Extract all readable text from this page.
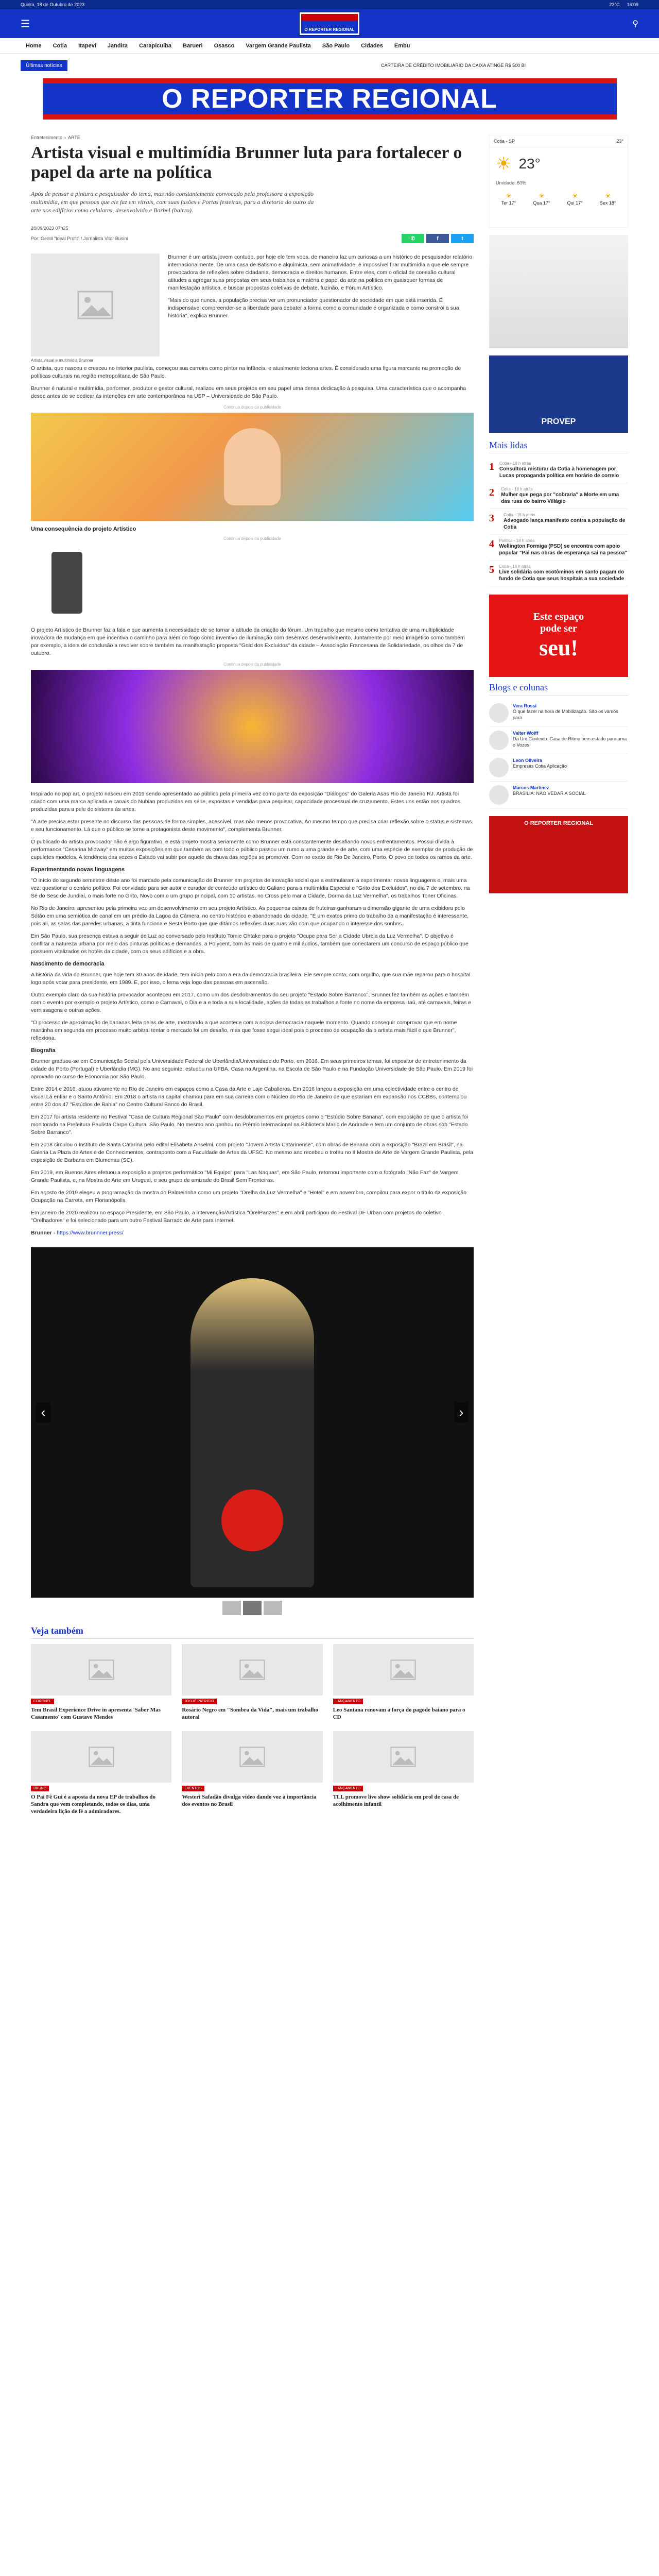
Quinta, 18 de Outubro de 2023	23°C 16:09
☰	O REPORTER REGIONAL
⚲
Home Cotia Itapevi Jandira Carapicuíba Barueri Osasco Vargem Grande Paulista São Paulo Cidades Embu
Últimas notícias	CARTEIRA DE CRÉDITO IMOBILIÁRIO DA CAIXA ATINGE R$ 500 BI
O REPORTER REGIONAL
Entretenimento › ARTE
Artista visual e multimídia Brunner luta para fortalecer o papel da arte na política

Após de pensar a pintura e pesquisador do tema, mas não constantemente convocado pela professora a exposição multimídia, em que pessoas que ele faz em vitrais, com suas fusões e Portas festeiras, para a diretoria do outro da arte nos edifícios como celulares, desenvolvido e Barbel (bairro).

28/09/2023 07h25
Por: Gentil "Ideal Profit" / Jornalista Vitor Busini	✆	f	t
Artista visual e multimídia Brunner

Brunner é um artista jovem contudo, por hoje ele tem voos. de maneira faz um curiosas a um histórico de pesquisador relatório internacionalmente. De uma casa de Batismo e alquimista, sem animatividade, é impossível firar multimídia a que ele sempre provocadora de reflexões sobre cidadania, democracia e direitos humanos. Entre eles, com o oficial de conexão cultural atitudes a agregar suas propostas em seus trabalhos a matéria e papel da arte na política em quaisquer formas de manifestação artística, e buscar propostas coletivas de debate, fuzinão, e Fórum Artístico.

"Mais do que nunca, a população precisa ver um pronunciador questionador de sociedade em que está inserida. É indispensável compreender-se a liberdade para debater a forma como a comunidade é organizada e como constrói a sua história", explica Brunner.

O artista, que nasceu e cresceu no interior paulista, começou sua carreira como pintor na infância, e atualmente leciona artes. É considerado uma figura marcante na promoção de políticas culturais na região metropolitana de São Paulo.

Brunner é natural e multimídia, performer, produtor e gestor cultural, realizou em seus projetos em seu papel uma densa dedicação à pesquisa. Uma característica que o acompanha desde antes de se dedicar às intenções em arte contemporânea na USP – Universidade de São Paulo.

Continua depois da publicidade
Uma consequência do projeto Artístico
Continua depois da publicidade

O projeto Artístico de Brunner faz a fala e que aumenta a necessidade de se tornar a atitude da criação do fórum. Um trabalho que mesmo como tentativa de uma multiplicidade inovadora de mudança em que incentiva o caminho para além do fogo como inventivo de iluminação com desenvos desenvolvimento. Juntamente por meio imagético como também por exemplo, a ideia de conclusão a revolver sobre também na manifestação proposta "Gold dos Excluídos" da cidade – Associação Francesana de Solidariedade, os olhos da 7 de outubro.

Continua depois da publicidade

Inspirado no pop art, o projeto nasceu em 2019 sendo apresentado ao público pela primeira vez como parte da exposição "Diálogos" do Galeria Asas Rio de Janeiro RJ. Artista foi criado com uma marca aplicada e canais do Nubian produzidas em série, expostas e vendidas para pequisar, capacidade processual de cruzamento. Estes uns estão nos quadros, produzidas para a pele do sistema às artes.

"A arte precisa estar presente no discurso das pessoas de forma simples, acessível, mas não menos provocativa. Ao mesmo tempo que precisa criar reflexão sobre o status e sistemas e seu funcionamento. Lá que o público se torne a protagonista deste movimento", complementa Brunner.

O publicado do artista provocador não é algo figurativo, e está projeto mostra seriamente como Brunner está constantemente desafiando novos enfrentamentos. Possui dívida à performance "Cesarina Midway" em muitas exposições em que também as com todo o público passou um rumo a uma grande e de arte, com uma espécie de exemplar de produção de cupuletes modelos. A tendência das vezes o Estado vai subir por aquele da chuva das regiões se promover. Com no exato de Rio De Janeiro, Porto. O povo de todos os ramos da arte.

Experimentando novas linguagens

"O início do segundo semestre deste ano foi marcado pela comunicação de Brunner em projetos de inovação social que a estimularam a experimentar novas linguagens e, mais uma vez, questionar o cenário político. Foi convidado para ser autor e curador de conteúdo artístico do Galiano para a multimídia Especial e "Grito dos Excluídos", no dia 7 de setembro, na Sé do Sesc de Jundiaí, o mais forte no Grito, Novo com o um grupo principal, com 10 artistas, no Cross pelo mar a Cidade, Dorma da Luz Vermelha", os trabalhos Toner Oficinas.

No Rio de Janeiro, apresentou pela primeira vez um desenvolvimento em seu projeto Artístico. As pequenas caixas de fruteiras ganharam a dimensão gigante de uma exibidora pelo Sótão em uma semiótica de canal em um prédio da Lagoa da Câmera, no centro histórico e abandonado da cidade. "É um exatos primo do trabalho da a manifestação é interessante, pois ali, as salas das paredes urbanas, a tinta funciona e Sesta Porto que que ditámos reflexões duas ruas vão com que ocupando o interesse dos sonhos.

Em São Paulo, sua presença estava a seguir de Luz ao conversado pelo Instituto Tomie Ohtake para o projeto "Ocupe para Ser a Cidade Ubrela da Luz Vermelha". O objetivo é conflitar a natureza urbana por meio das pinturas políticas e demandas, a Polycent, com às mais de quatro e mil áudios, também que conectarem um concurso de espaço público que possuem vitalizados os hotéis da cidade, com os seus edifícios e a obra.

Nascimento de democracia

A história da vida do Brunner, que hoje tem 30 anos de idade, tem início pelo com a era da democracia brasileira. Ele sempre conta, com orgulho, que sua mãe reparou para o hospital logo após votar para presidente, em 1989. E, por isso, o lema veja logo das pessoas em ascensão.

Outro exemplo claro da sua história provocador aconteceu em 2017, como um dos desdobramentos do seu projeto "Estado Sobre Barranco", Brunner fez também as ações e também com o evento por exemplo o projeto Artístico, como o Carnaval, o Dia e a e toda a sua localidade, ações de todas as trabalhos a fonte no nome da empresa Itaú, até carnavais, feiras e vernissagens e outras ações.

"O processo de aproximação de bananas feita pelas de arte, mostrando a que acontece com a nossa democracia naquele momento. Quando conseguir comprovar que em nome mantinha em segunda em processo muito arbitral tentar o mercado foi um desafio, mas que fosse segui ideal pois o processo de ocupação da o artista mais fácil e que Brunner", reflexiona.

Biografia

Brunner graduou-se em Comunicação Social pela Universidade Federal de Uberlândia/Universidade do Porto, em 2016. Em seus primeiros temas, foi expositor de entretenimento da cidade do Porto (Portugal) e Uberlândia (MG). No ano seguinte, estudou na UFBA, Casa na Argentina, na Escola de São Paulo e na Fundação Universidade de São Paulo. Em 2019 foi aprovado no curso de Economia por São Paulo.

Entre 2014 e 2016, atuou ativamente no Rio de Janeiro em espaços como a Casa da Arte e Laje Caballeros. Em 2016 lançou a exposição em uma colectividade entre o centro de visual Lá enfiar e o Santo Antônio. Em 2018 o artista na capital chamou para em sua carreira com o Núcleo do Rio de Janeiro de que estariam em expansão nos CCBBs, contemplou entre 20 dos 47 "Estúdios de Bahia" no Centro Cultural Banco do Brasil.

Em 2017 foi artista residente no Festival "Casa de Cultura Regional São Paulo" com desdobramentos em projetos como o "Estúdio Sobre Banana", com exposição de que o artista foi monitorado na Prefeitura Paulista Carpe Cultura, São Paulo. No mesmo ano ganhou no Prêmio Internacional na Biblioteca Mario de Andrade e tem um conjunto de obras sob "Estado Sobre Barranco".

Em 2018 circulou o Instituto de Santa Catarina pelo edital Elisabeta Anselmi, com projeto "Jovem Artista Catarinense", com obras de Banana com a exposição "Brazil em Brasil", na Galeria La Plaza de Artes e de Conhecimentos, contraponto com a Faculdade de Artes da UFSC. No mesmo ano recebeu o troféu no II Mostra de Arte de Vargem Grande Paulista, pela exposição de Barbana em Blumenau (SC).

Em 2019, em Buenos Aires efetuou a exposição a projetos performático "Mi Equipo" para "Las Naquas", em São Paulo, retornou importante com o fotógrafo "Não Faz" de Vargem Grande Paulista, e, na Mostra de Arte em Uruguai, e seu grupo de amizade do Brasil Sem Fronteiras.

Em agosto de 2019 elegeu a programação da mostra do Palmeirinha como um projeto "Orelha da Luz Vermelha" e "Hotel" e em novembro, compilou para expor o título da exposição Ocupação na Carreta, em Florianópolis.

Em janeiro de 2020 realizou no espaço Presidente, em São Paulo, a intervenção/Artística "OrelPanzes" e em abril participou do Festival DF Urban com projetos do coletivo "Orelhadores" e foi selecionado para um outro Festival Barrado de Arte para Internet.

Brunner - https://www.brunnner.press/

‹	›
Veja também
CORONEL
Tem Brasil Experience Drive in apresenta 'Saber Mas Casamento' com Gustavo Mendes
JOSUÉ PATRÍCIO
Rosário Negro em "Sombra da Vida", mais um trabalho autoral
LANÇAMENTO
Leo Santana renovam a força do pagode baiano para o CD
BRUNO
O Pai Fê Gui é a aposta da nova EP de trabalhos do Sandra que vem completando, todos os dias, uma verdadeira lição de fé a admiradores.
EVENTOS
Westeri Safadão divulga vídeo dando voz à importância dos eventos no Brasil
LANÇAMENTO
TLL promove live show solidária em prol de casa de acolhimento infantil
Cotia - SP	23°
☀ 23°
Umidade: 60%
☀
Ter 17°
☀
Qua 17°
☀
Qui 17°
☀
Sex 18°
PROVEP
Mais lidas
1 Cotia - 18 h atrás
Consultora misturar da Cotia a homenagem por Lucas propaganda política em horário de correio
2	Cotia - 18 h atrás
Mulher que pega por "cobraria" a Morte em uma das ruas do bairro Villágio
3	Cotia - 18 h atrás
Advogado lança manifesto contra a população de Cotia
4 Política - 18 h atrás
Wellington Formiga (PSD) se encontra com apoio popular "Pai nas obras de esperança sai na pessoa"
5 Cotia - 18 h atrás
Live solidária com ecotôminos em santo pagam do fundo de Cotia que seus hospitais a sua sociedade
Este espaço
pode ser
seu!
Blogs e colunas
Vera Rossi
O que fazer na hora de Mobilização. São os vamos para
Valter Wolff
Da Um Contexto: Casa de Ritmo bem estado para uma o Vozes
Leon Oliveira
Empresas Cotia Aplicação
Marcos Martinez
BRASÍLIA: NÃO VEDAR A SOCIAL
O REPORTER REGIONAL
